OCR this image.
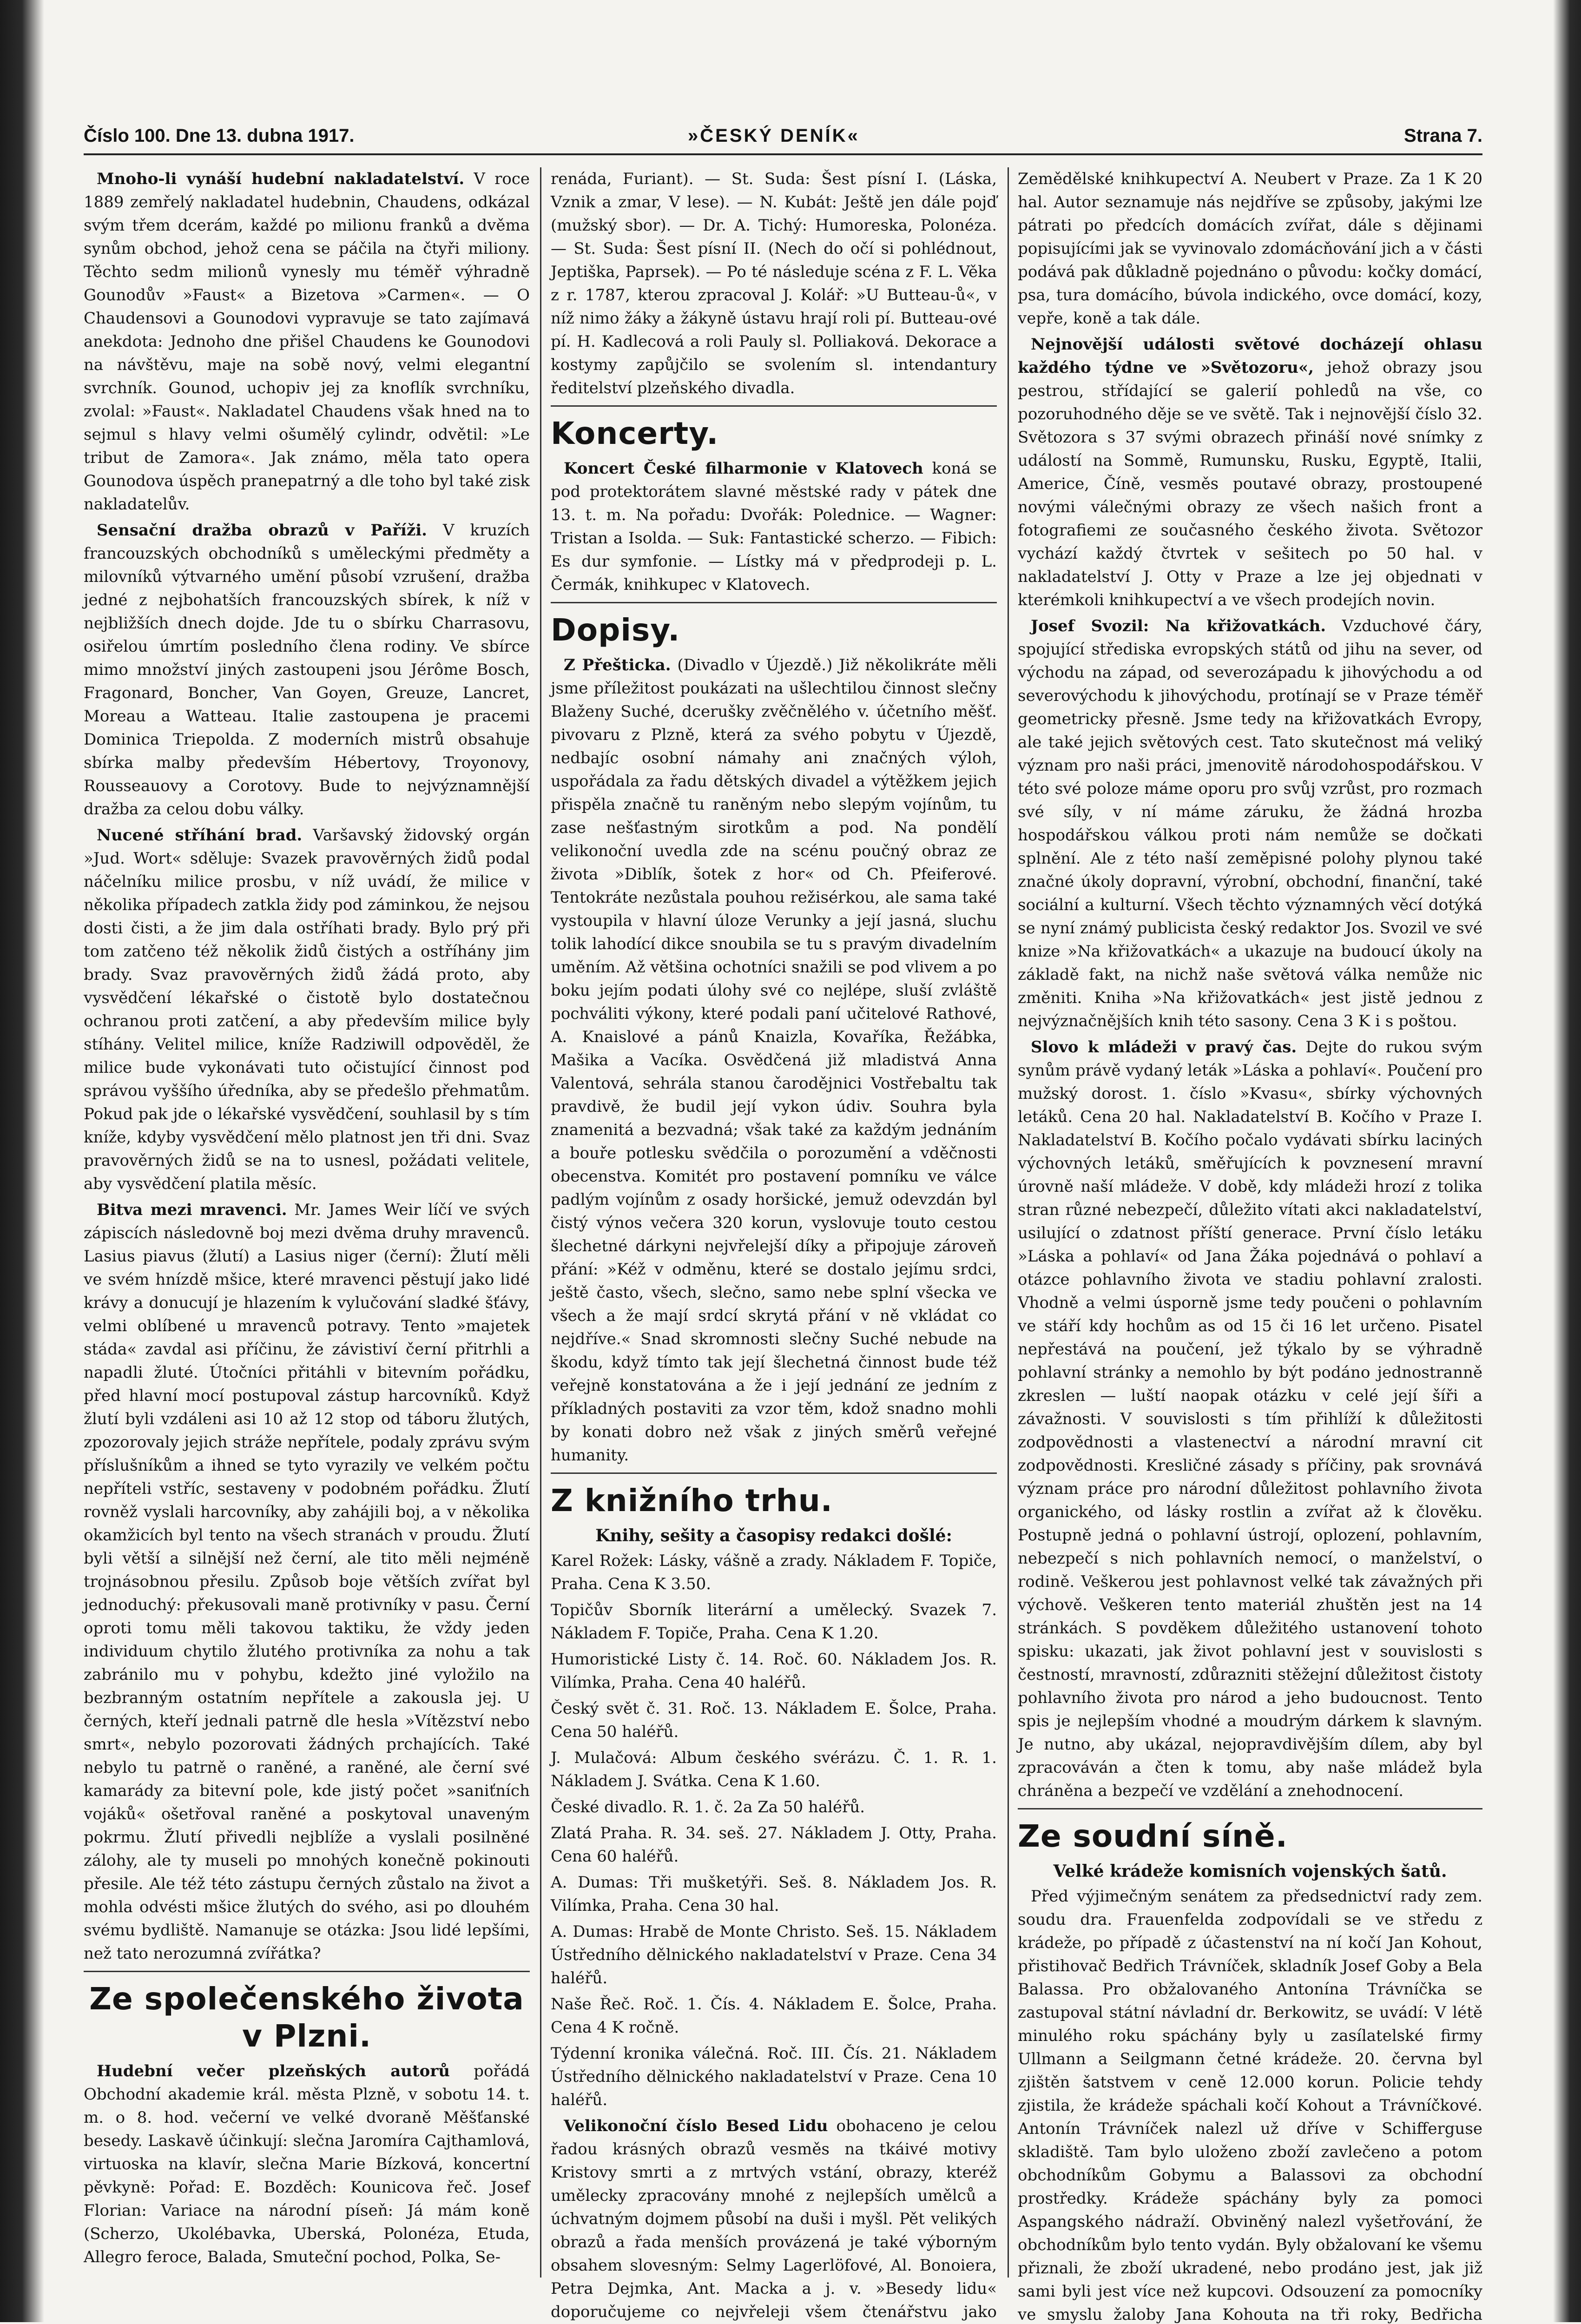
Číslo 100. Dne 13. dubna 1917.	»ČESKÝ DENÍK«	Strana 7.

Mnoho-li vynáší hudební nakladatelství. V roce 1889 zemřelý nakladatel hudebnin, Chaudens, odkázal svým třem dcerám, každé po milionu franků a dvěma synům obchod, jehož cena se páčila na čtyři miliony. Těchto sedm milionů vynesly mu téměř výhradně Gounodův »Faust« a Bizetova »Carmen«. — O Chaudensovi a Gounodovi vypravuje se tato zajímavá anekdota: Jednoho dne přišel Chaudens ke Gounodovi na návštěvu, maje na sobě nový, velmi elegantní svrchník. Gounod, uchopiv jej za knoflík svrchníku, zvolal: »Faust«. Nakladatel Chaudens však hned na to sejmul s hlavy velmi ošumělý cylindr, odvětil: »Le tribut de Zamora«. Jak známo, měla tato opera Gounodova úspěch pranepatrný a dle toho byl také zisk nakladatelův.

Sensační dražba obrazů v Paříži. V kruzích francouzských obchodníků s uměleckými předměty a milovníků výtvarného umění působí vzrušení, dražba jedné z nejbohatších francouzských sbírek, k níž v nejbližších dnech dojde. Jde tu o sbírku Charrasovu, osiřelou úmrtím posledního člena rodiny. Ve sbírce mimo množství jiných zastoupeni jsou Jérôme Bosch, Fragonard, Boncher, Van Goyen, Greuze, Lancret, Moreau a Watteau. Italie zastoupena je pracemi Dominica Triepolda. Z moderních mistrů obsahuje sbírka malby především Hébertovy, Troyonovy, Rousseauovy a Corotovy. Bude to nejvýznamnější dražba za celou dobu války.

Nucené stříhání brad. Varšavský židovský orgán »Jud. Wort« sděluje: Svazek pravověrných židů podal náčelníku milice prosbu, v níž uvádí, že milice v několika případech zatkla židy pod záminkou, že nejsou dosti čisti, a že jim dala ostříhati brady. Bylo prý při tom zatčeno též několik židů čistých a ostříhány jim brady. Svaz pravověrných židů žádá proto, aby vysvědčení lékařské o čistotě bylo dostatečnou ochranou proti zatčení, a aby především milice byly stíhány. Velitel milice, kníže Radziwill odpověděl, že milice bude vykonávati tuto očistující činnost pod správou vyššího úředníka, aby se předešlo přehmatům. Pokud pak jde o lékařské vysvědčení, souhlasil by s tím kníže, kdyby vysvědčení mělo platnost jen tři dni. Svaz pravověrných židů se na to usnesl, požádati velitele, aby vysvědčení platila měsíc.

Bitva mezi mravenci. Mr. James Weir líčí ve svých zápiscích následovně boj mezi dvěma druhy mravenců. Lasius piavus (žlutí) a Lasius niger (černí): Žlutí měli ve svém hnízdě mšice, které mravenci pěstují jako lidé krávy a donucují je hlazením k vylučování sladké šťávy, velmi oblíbené u mravenců potravy. Tento »majetek stáda« zavdal asi příčinu, že závistiví černí přitrhli a napadli žluté. Útočníci přitáhli v bitevním pořádku, před hlavní mocí postupoval zástup harcovníků. Když žlutí byli vzdáleni asi 10 až 12 stop od táboru žlutých, zpozorovaly jejich stráže nepřítele, podaly zprávu svým příslušníkům a ihned se tyto vyrazily ve velkém počtu nepříteli vstříc, sestaveny v podobném pořádku. Žlutí rovněž vyslali harcovníky, aby zahájili boj, a v několika okamžicích byl tento na všech stranách v proudu. Žlutí byli větší a silnější než černí, ale tito měli nejméně trojnásobnou přesilu. Způsob boje větších zvířat byl jednoduchý: překusovali maně protivníky v pasu. Černí oproti tomu měli takovou taktiku, že vždy jeden individuum chytilo žlutého protivníka za nohu a tak zabránilo mu v pohybu, kdežto jiné vyložilo na bezbranným ostatním nepřítele a zakousla jej. U černých, kteří jednali patrně dle hesla »Vítězství nebo smrt«, nebylo pozorovati žádných prchajících. Také nebylo tu patrně o raněné, a raněné, ale černí své kamarády za bitevní pole, kde jistý počet »saniťních vojáků« ošetřoval raněné a poskytoval unaveným pokrmu. Žlutí přivedli nejblíže a vyslali posilněné zálohy, ale ty museli po mnohých konečně pokinouti přesile. Ale též této zástupu černých zůstalo na život a mohla odvésti mšice žlutých do svého, asi po dlouhém svému bydliště. Namanuje se otázka: Jsou lidé lepšími, než tato nerozumná zvířátka?

Ze společenského života v Plzni.

Hudební večer plzeňských autorů pořádá Obchodní akademie král. města Plzně, v sobotu 14. t. m. o 8. hod. večerní ve velké dvoraně Měšťanské besedy. Laskavě účinkují: slečna Jaromíra Cajthamlová, virtuoska na klavír, slečna Marie Bízková, koncertní pěvkyně: Pořad: E. Bozděch: Kounicova řeč. Josef Florian: Variace na národní píseň: Já mám koně (Scherzo, Ukolébavka, Uberská, Polonéza, Etuda, Allegro feroce, Balada, Smuteční pochod, Polka, Se-

renáda, Furiant). — St. Suda: Šest písní I. (Láska, Vznik a zmar, V lese). — N. Kubát: Ještě jen dále pojď (mužský sbor). — Dr. A. Tichý: Humoreska, Polonéza. — St. Suda: Šest písní II. (Nech do očí si pohlédnout, Jeptiška, Paprsek). — Po té následuje scéna z F. L. Věka z r. 1787, kterou zpracoval J. Kolář: »U Butteau-ů«, v níž nimo žáky a žákyně ústavu hrají roli pí. Butteau-ové pí. H. Kadlecová a roli Pauly sl. Polliaková. Dekorace a kostymy zapůjčilo se svolením sl. intendantury ředitelství plzeňského divadla.

Koncerty.

Koncert České filharmonie v Klatovech koná se pod protektorátem slavné městské rady v pátek dne 13. t. m. Na pořadu: Dvořák: Polednice. — Wagner: Tristan a Isolda. — Suk: Fantastické scherzo. — Fibich: Es dur symfonie. — Lístky má v předprodeji p. L. Čermák, knihkupec v Klatovech.

Dopisy.

Z Přešticka. (Divadlo v Újezdě.) Již několikráte měli jsme příležitost poukázati na ušlechtilou činnost slečny Blaženy Suché, dcerušky zvěčnělého v. účetního měšť. pivovaru z Plzně, která za svého pobytu v Újezdě, nedbajíc osobní námahy ani značných výloh, uspořádala za řadu dětských divadel a výtěžkem jejich přispěla značně tu raněným nebo slepým vojínům, tu zase nešťastným sirotkům a pod. Na pondělí velikonoční uvedla zde na scénu poučný obraz ze života »Diblík, šotek z hor« od Ch. Pfeiferové. Tentokráte nezůstala pouhou režisérkou, ale sama také vystoupila v hlavní úloze Verunky a její jasná, sluchu tolik lahodící dikce snoubila se tu s pravým divadelním uměním. Až většina ochotníci snažili se pod vlivem a po boku jejím podati úlohy své co nejlépe, sluší zvláště pochváliti výkony, které podali paní učitelové Rathové, A. Knaislové a pánů Knaizla, Kovaříka, Řežábka, Mašika a Vacíka. Osvědčená již mladistvá Anna Valentová, sehrála stanou čarodějnici Vostřebaltu tak pravdivě, že budil její vykon údiv. Souhra byla znamenitá a bezvadná; však také za každým jednáním a bouře potlesku svědčila o porozumění a vděčnosti obecenstva. Komitét pro postavení pomníku ve válce padlým vojínům z osady horšické, jemuž odevzdán byl čistý výnos večera 320 korun, vyslovuje touto cestou šlechetné dárkyni nejvřelejší díky a připojuje zároveň přání: »Kéž v odměnu, které se dostalo jejímu srdci, ještě často, všech, slečno, samo nebe splní všecka ve všech a že mají srdcí skrytá přání v ně vkládat co nejdříve.« Snad skromnosti slečny Suché nebude na škodu, když tímto tak její šlechetná činnost bude též veřejně konstatována a že i její jednání ze jedním z příkladných postaviti za vzor těm, kdož snadno mohli by konati dobro než však z jiných směrů veřejné humanity.

Z knižního trhu.
Knihy, sešity a časopisy redakci došlé:

Karel Rožek: Lásky, vášně a zrady. Nákladem F. Topiče, Praha. Cena K 3.50.

Topičův Sborník literární a umělecký. Svazek 7. Nákladem F. Topiče, Praha. Cena K 1.20.

Humoristické Listy č. 14. Roč. 60. Nákladem Jos. R. Vilímka, Praha. Cena 40 haléřů.

Český svět č. 31. Roč. 13. Nákladem E. Šolce, Praha. Cena 50 haléřů.

J. Mulačová: Album českého svérázu. Č. 1. R. 1. Nákladem J. Svátka. Cena K 1.60.

České divadlo. R. 1. č. 2a Za 50 haléřů.

Zlatá Praha. R. 34. seš. 27. Nákladem J. Otty, Praha. Cena 60 haléřů.

A. Dumas: Tři mušketýři. Seš. 8. Nákladem Jos. R. Vilímka, Praha. Cena 30 hal.

A. Dumas: Hrabě de Monte Christo. Seš. 15. Nákladem Ústředního dělnického nakladatelství v Praze. Cena 34 haléřů.

Naše Řeč. Roč. 1. Čís. 4. Nákladem E. Šolce, Praha. Cena 4 K ročně.

Týdenní kronika válečná. Roč. III. Čís. 21. Nákladem Ústředního dělnického nakladatelství v Praze. Cena 10 haléřů.

Velikonoční číslo Besed Lidu obohaceno je celou řadou krásných obrazů vesměs na tkáivé motivy Kristovy smrti a z mrtvých vstání, obrazy, kteréž umělecky zpracovány mnohé z nejlepších umělců a úchvatným dojmem působí na duši i myšl. Pět velikých obrazů a řada menších provázená je také výborným obsahem slovesným: Selmy Lagerlöfové, Al. Bonoiera, Petra Dejmka, Ant. Macka a j. v. »Besedy lidu« doporučujeme co nejvřeleji všem čtenářstvu jako

Zemědělské knihkupectví A. Neubert v Praze. Za 1 K 20 hal. Autor seznamuje nás nejdříve se způsoby, jakými lze pátrati po předcích domácích zvířat, dále s dějinami popisujícími jak se vyvinovalo zdomácňování jich a v části podává pak důkladně pojednáno o původu: kočky domácí, psa, tura domácího, búvola indického, ovce domácí, kozy, vepře, koně a tak dále.

Nejnovější události světové docházejí ohlasu každého týdne ve »Světozoru«, jehož obrazy jsou pestrou, střídající se galerií pohledů na vše, co pozoruhodného děje se ve světě. Tak i nejnovější číslo 32. Světozora s 37 svými obrazech přináší nové snímky z událostí na Sommě, Rumunsku, Rusku, Egyptě, Italii, Americe, Číně, vesměs poutavé obrazy, prostoupené novými válečnými obrazy ze všech našich front a fotografiemi ze současného českého života. Světozor vychází každý čtvrtek v sešitech po 50 hal. v nakladatelství J. Otty v Praze a lze jej objednati v kterémkoli knihkupectví a ve všech prodejích novin.

Josef Svozil: Na křižovatkách. Vzduchové čáry, spojující střediska evropských států od jihu na sever, od východu na západ, od severozápadu k jihovýchodu a od severovýchodu k jihovýchodu, protínají se v Praze téměř geometricky přesně. Jsme tedy na křižovatkách Evropy, ale také jejich světových cest. Tato skutečnost má veliký význam pro naši práci, jmenovitě národohospodářskou. V této své poloze máme oporu pro svůj vzrůst, pro rozmach své síly, v ní máme záruku, že žádná hrozba hospodářskou válkou proti nám nemůže se dočkati splnění. Ale z této naší zeměpisné polohy plynou také značné úkoly dopravní, výrobní, obchodní, finanční, také sociální a kulturní. Všech těchto významných věcí dotýká se nyní známý publicista český redaktor Jos. Svozil ve své knize »Na křižovatkách« a ukazuje na budoucí úkoly na základě fakt, na nichž naše světová válka nemůže nic změniti. Kniha »Na křižovatkách« jest jistě jednou z nejvýznačnějších knih této sasony. Cena 3 K i s poštou.

Slovo k mládeži v pravý čas. Dejte do rukou svým synům právě vydaný leták »Láska a pohlaví«. Poučení pro mužský dorost. 1. číslo »Kvasu«, sbírky výchovných letáků. Cena 20 hal. Nakladatelství B. Kočího v Praze I. Nakladatelství B. Kočího počalo vydávati sbírku laciných výchovných letáků, směřujících k povznesení mravní úrovně naší mládeže. V době, kdy mládeži hrozí z tolika stran různé nebezpečí, důležito vítati akci nakladatelství, usilující o zdatnost příští generace. První číslo letáku »Láska a pohlaví« od Jana Žáka pojednává o pohlaví a otázce pohlavního života ve stadiu pohlavní zralosti. Vhodně a velmi úsporně jsme tedy poučeni o pohlavním ve stáří kdy hochům as od 15 či 16 let určeno. Pisatel nepřestává na poučení, jež týkalo by se výhradně pohlavní stránky a nemohlo by být podáno jednostranně zkreslen — luští naopak otázku v celé její šíři a závažnosti. V souvislosti s tím přihlíží k důležitosti zodpovědnosti a vlastenectví a národní mravní cit zodpovědnosti. Kresličné zásady s příčiny, pak srovnává význam práce pro národní důležitost pohlavního života organického, od lásky rostlin a zvířat až k člověku. Postupně jedná o pohlavní ústrojí, oplození, pohlavním, nebezpečí s nich pohlavních nemocí, o manželství, o rodině. Veškerou jest pohlavnost velké tak závažných při výchově. Veškeren tento materiál zhuštěn jest na 14 stránkách. S povděkem důležitého ustanovení tohoto spisku: ukazati, jak život pohlavní jest v souvislosti s čestností, mravností, zdůrazniti stěžejní důležitost čistoty pohlavního života pro národ a jeho budoucnost. Tento spis je nejlepším vhodné a moudrým dárkem k slavným. Je nutno, aby ukázal, nejopravdivějším dílem, aby byl zpracováván a čten k tomu, aby naše mládež byla chráněna a bezpečí ve vzdělání a znehodnocení.

Ze soudní síně.
Velké krádeže komisních vojenských šatů.

Před výjimečným senátem za předsednictví rady zem. soudu dra. Frauenfelda zodpovídali se ve středu z krádeže, po případě z účastenství na ní kočí Jan Kohout, přistihovač Bedřich Trávníček, skladník Josef Goby a Bela Balassa. Pro obžalovaného Antonína Trávníčka se zastupoval státní návladní dr. Berkowitz, se uvádí: V létě minulého roku spáchány byly u zasílatelské firmy Ullmann a Seilgmann četné krádeže. 20. června byl zjištěn šatstvem v ceně 12.000 korun. Policie tehdy zjistila, že krádeže spáchali kočí Kohout a Trávníčkové. Antonín Trávníček nalezl už dříve v Schifferguse skladiště. Tam bylo uloženo zboží zavlečeno a potom obchodníkům Gobymu a Balassovi za obchodní prostředky. Krádeže spáchány byly za pomoci Aspangského nádraží. Obviněný nalezl vyšetřování, že obchodníkům bylo tento vydán. Byly obžalovaní ke všemu přiznali, že zboží ukradené, nebo prodáno jest, jak již sami byli jest více než kupcovi. Odsouzení za pomocníky ve smyslu žaloby Jana Kohouta na tři roky, Bedřicha
